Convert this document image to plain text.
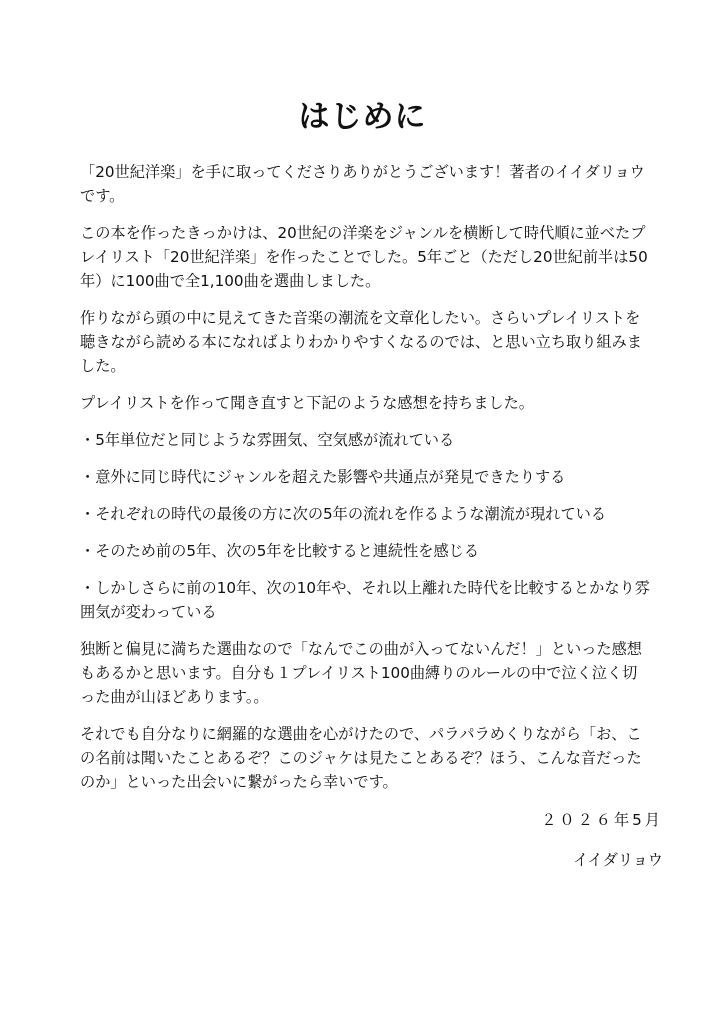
はじめに

「20世紀洋楽」を手に取ってくださりありがとうございます！著者のイイダリョウです。

この本を作ったきっかけは、20世紀の洋楽をジャンルを横断して時代順に並べたプレイリスト「20世紀洋楽」を作ったことでした。5年ごと（ただし20世紀前半は50年）に100曲で全1,100曲を選曲しました。

作りながら頭の中に見えてきた音楽の潮流を文章化したい。さらいプレイリストを聴きながら読める本になればよりわかりやすくなるのでは、と思い立ち取り組みました。

プレイリストを作って聞き直すと下記のような感想を持ちました。

・5年単位だと同じような雰囲気、空気感が流れている

・意外に同じ時代にジャンルを超えた影響や共通点が発見できたりする

・それぞれの時代の最後の方に次の5年の流れを作るような潮流が現れている

・そのため前の5年、次の5年を比較すると連続性を感じる

・しかしさらに前の10年、次の10年や、それ以上離れた時代を比較するとかなり雰囲気が変わっている

独断と偏見に満ちた選曲なので「なんでこの曲が入ってないんだ！」といった感想もあるかと思います。自分も１プレイリスト100曲縛りのルールの中で泣く泣く切った曲が山ほどあります。。

それでも自分なりに網羅的な選曲を心がけたので、パラパラめくりながら「お、この名前は聞いたことあるぞ？このジャケは見たことあるぞ？ほう、こんな音だったのか」といった出会いに繋がったら幸いです。

２０２６年5月
イイダリョウ
